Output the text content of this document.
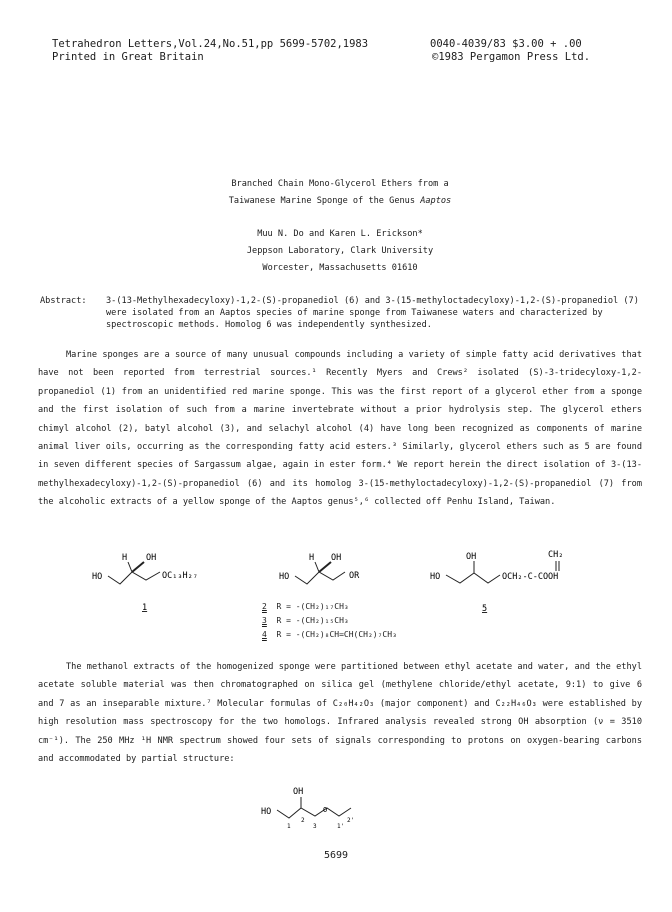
Tetrahedron Letters,Vol.24,No.51,pp 5699-5702,1983
Printed in Great Britain
0040-4039/83 $3.00 + .00
©1983 Pergamon Press Ltd.
Branched Chain Mono-Glycerol Ethers from a
Taiwanese Marine Sponge of the Genus Aaptos
Muu N. Do and Karen L. Erickson*
Jeppson Laboratory, Clark University
Worcester, Massachusetts 01610
Abstract: 3-(13-Methylhexadecyloxy)-1,2-(S)-propanediol (6) and 3-(15-methyloctadecyloxy)-1,2-(S)-propanediol (7) were isolated from an Aaptos species of marine sponge from Taiwanese waters and characterized by spectroscopic methods. Homolog 6 was independently synthesized.
Marine sponges are a source of many unusual compounds including a variety of simple fatty acid derivatives that have not been reported from terrestrial sources.¹ Recently Myers and Crews² isolated (S)-3-tridecyloxy-1,2-propanediol (1) from an unidentified red marine sponge. This was the first report of a glycerol ether from a sponge and the first isolation of such from a marine invertebrate without a prior hydrolysis step. The glycerol ethers chimyl alcohol (2), batyl alcohol (3), and selachyl alcohol (4) have long been recognized as components of marine animal liver oils, occurring as the corresponding fatty acid esters.³ Similarly, glycerol ethers such as 5 are found in seven different species of Sargassum algae, again in ester form.⁴ We report herein the direct isolation of 3-(13-methylhexadecyloxy)-1,2-(S)-propanediol (6) and its homolog 3-(15-methyloctadecyloxy)-1,2-(S)-propanediol (7) from the alcoholic extracts of a yellow sponge of the Aaptos genus⁵,⁶ collected off Penhu Island, Taiwan.
HO
H OH
OC₁₃H₂₇
1
HO
H OH
OR
2 R = -(CH₂)₁₇CH₃
3 R = -(CH₂)₁₅CH₃
4 R = -(CH₂)₈CH=CH(CH₂)₇CH₃
HO
OH
OCH₂-C-COOH
CH₂
5
The methanol extracts of the homogenized sponge were partitioned between ethyl acetate and water, and the ethyl acetate soluble material was then chromatographed on silica gel (methylene chloride/ethyl acetate, 9:1) to give 6 and 7 as an inseparable mixture.⁷ Molecular formulas of C₂₀H₄₂O₃ (major component) and C₂₂H₄₆O₃ were established by high resolution mass spectroscopy for the two homologs. Infrared analysis revealed strong OH absorption (ν = 3510 cm⁻¹). The 250 MHz ¹H NMR spectrum showed four sets of signals corresponding to protons on oxygen-bearing carbons and accommodated by partial structure:
HO
OH
O
1
2
3	1'
2'
5699
